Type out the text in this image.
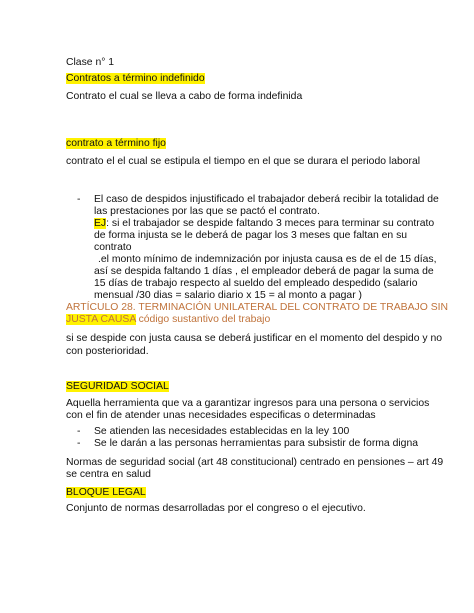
Clase n° 1

Contratos a término indefinido

Contrato el cual se lleva a cabo de forma indefinida

contrato a término fijo

contrato el el cual se estipula el tiempo en el que se durara el periodo laboral

- El caso de despidos injustificado el trabajador deberá recibir la totalidad de

las prestaciones por las que se pactó el contrato.

EJ: si el trabajador se despide faltando 3 meces para terminar su contrato

de forma injusta se le deberá de pagar los 3 meses que faltan en su

contrato

.el monto mínimo de indemnización por injusta causa es de el de 15 días,

así se despida faltando 1 días , el empleador deberá de pagar la suma de

15 días de trabajo respecto al sueldo del empleado despedido (salario

mensual /30 dias = salario diario x 15 = al monto a pagar )

ARTÍCULO 28. TERMINACIÓN UNILATERAL DEL CONTRATO DE TRABAJO SIN

JUSTA CAUSA código sustantivo del trabajo

si se despide con justa causa se deberá justificar en el momento del despido y no

con posterioridad.

SEGURIDAD SOCIAL

Aquella herramienta que va a garantizar ingresos para una persona o servicios

con el fin de atender unas necesidades especificas o determinadas

- Se atienden las necesidades establecidas en la ley 100

- Se le darán a las personas herramientas para subsistir de forma digna

Normas de seguridad social (art 48 constitucional) centrado en pensiones – art 49

se centra en salud

BLOQUE LEGAL

Conjunto de normas desarrolladas por el congreso o el ejecutivo.
